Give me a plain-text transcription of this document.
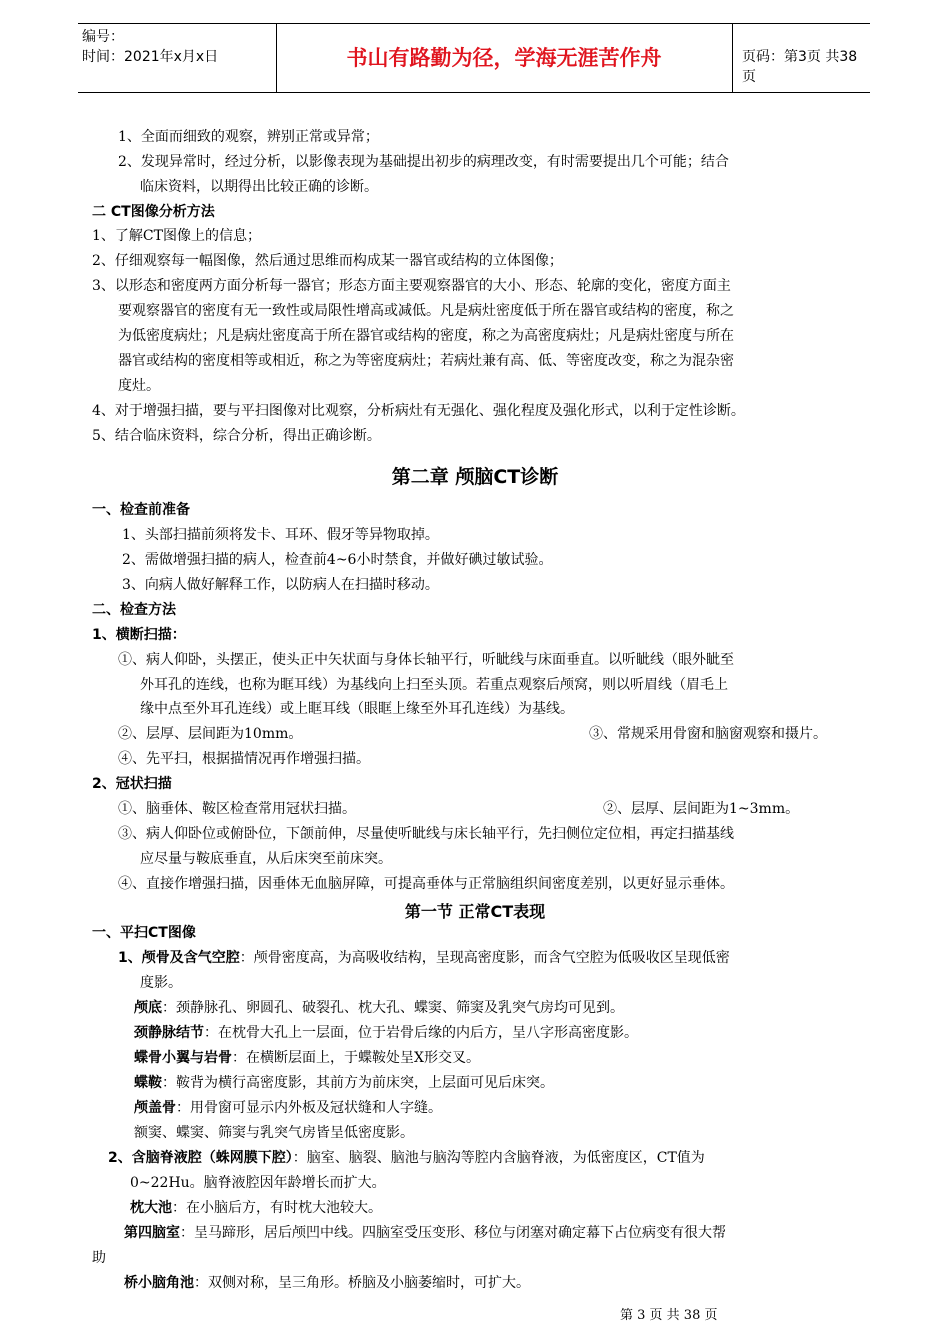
编号：
时间：2021年x月x日	书山有路勤为径，学海无涯苦作舟	页码：第3页 共38页
1、全面而细致的观察，辨别正常或异常；
2、发现异常时，经过分析，以影像表现为基础提出初步的病理改变，有时需要提出几个可能；结合
临床资料，以期得出比较正确的诊断。
二 CT图像分析方法
1、了解CT图像上的信息；
2、仔细观察每一幅图像，然后通过思维而构成某一器官或结构的立体图像；
3、以形态和密度两方面分析每一器官；形态方面主要观察器官的大小、形态、轮廓的变化，密度方面主
要观察器官的密度有无一致性或局限性增高或减低。凡是病灶密度低于所在器官或结构的密度，称之
为低密度病灶；凡是病灶密度高于所在器官或结构的密度，称之为高密度病灶；凡是病灶密度与所在
器官或结构的密度相等或相近，称之为等密度病灶；若病灶兼有高、低、等密度改变，称之为混杂密
度灶。
4、对于增强扫描，要与平扫图像对比观察，分析病灶有无强化、强化程度及强化形式，以利于定性诊断。
5、结合临床资料，综合分析，得出正确诊断。
第二章 颅脑CT诊断
一、检查前准备
1、头部扫描前须将发卡、耳环、假牙等异物取掉。
2、需做增强扫描的病人，检查前4~6小时禁食，并做好碘过敏试验。
3、向病人做好解释工作，以防病人在扫描时移动。
二、检查方法
1、横断扫描：
①、病人仰卧，头摆正，使头正中矢状面与身体长轴平行，听眦线与床面垂直。以听眦线（眼外眦至
外耳孔的连线，也称为眶耳线）为基线向上扫至头顶。若重点观察后颅窝，则以听眉线（眉毛上
缘中点至外耳孔连线）或上眶耳线（眼眶上缘至外耳孔连线）为基线。
②、层厚、层间距为10mm。	③、常规采用骨窗和脑窗观察和摄片。
④、先平扫，根据描情况再作增强扫描。
2、冠状扫描
①、脑垂体、鞍区检查常用冠状扫描。	②、层厚、层间距为1~3mm。
③、病人仰卧位或俯卧位，下颌前伸，尽量使听眦线与床长轴平行，先扫侧位定位相，再定扫描基线
应尽量与鞍底垂直，从后床突至前床突。
④、直接作增强扫描，因垂体无血脑屏障，可提高垂体与正常脑组织间密度差别，以更好显示垂体。
第一节 正常CT表现
一、平扫CT图像
1、颅骨及含气空腔：颅骨密度高，为高吸收结构，呈现高密度影，而含气空腔为低吸收区呈现低密
度影。
颅底：颈静脉孔、卵圆孔、破裂孔、枕大孔、蝶窦、筛窦及乳突气房均可见到。
颈静脉结节：在枕骨大孔上一层面，位于岩骨后缘的内后方，呈八字形高密度影。
蝶骨小翼与岩骨：在横断层面上，于蝶鞍处呈X形交叉。
蝶鞍：鞍背为横行高密度影，其前方为前床突，上层面可见后床突。
颅盖骨：用骨窗可显示内外板及冠状缝和人字缝。
额窦、蝶窦、筛窦与乳突气房皆呈低密度影。
2、含脑脊液腔（蛛网膜下腔）：脑室、脑裂、脑池与脑沟等腔内含脑脊液，为低密度区，CT值为
0~22Hu。脑脊液腔因年龄增长而扩大。
枕大池：在小脑后方，有时枕大池较大。
第四脑室：呈马蹄形，居后颅凹中线。四脑室受压变形、移位与闭塞对确定幕下占位病变有很大帮
助
桥小脑角池：双侧对称，呈三角形。桥脑及小脑萎缩时，可扩大。
第 3 页 共 38 页
